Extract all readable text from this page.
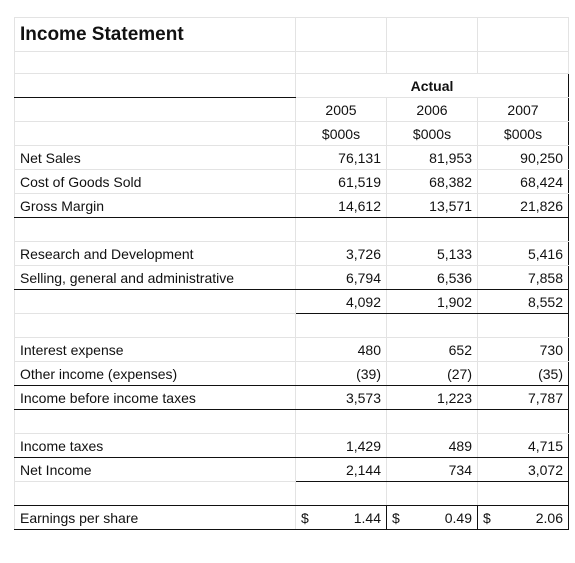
Income Statement			

	Actual		
	2005	2006	2007
	$000s	$000s	$000s
Net Sales	76,131	81,953	90,250
Cost of Goods Sold	61,519	68,382	68,424
Gross Margin	14,612	13,571	21,826

Research and Development	3,726	5,133	5,416
Selling, general and administrative	6,794	6,536	7,858
	4,092	1,902	8,552

Interest expense	480	652	730
Other income (expenses)	(39)	(27)	(35)
Income before income taxes	3,573	1,223	7,787

Income taxes	1,429	489	4,715
Net Income	2,144	734	3,072

Earnings per share	$ 1.44	$ 0.49	$ 2.06
